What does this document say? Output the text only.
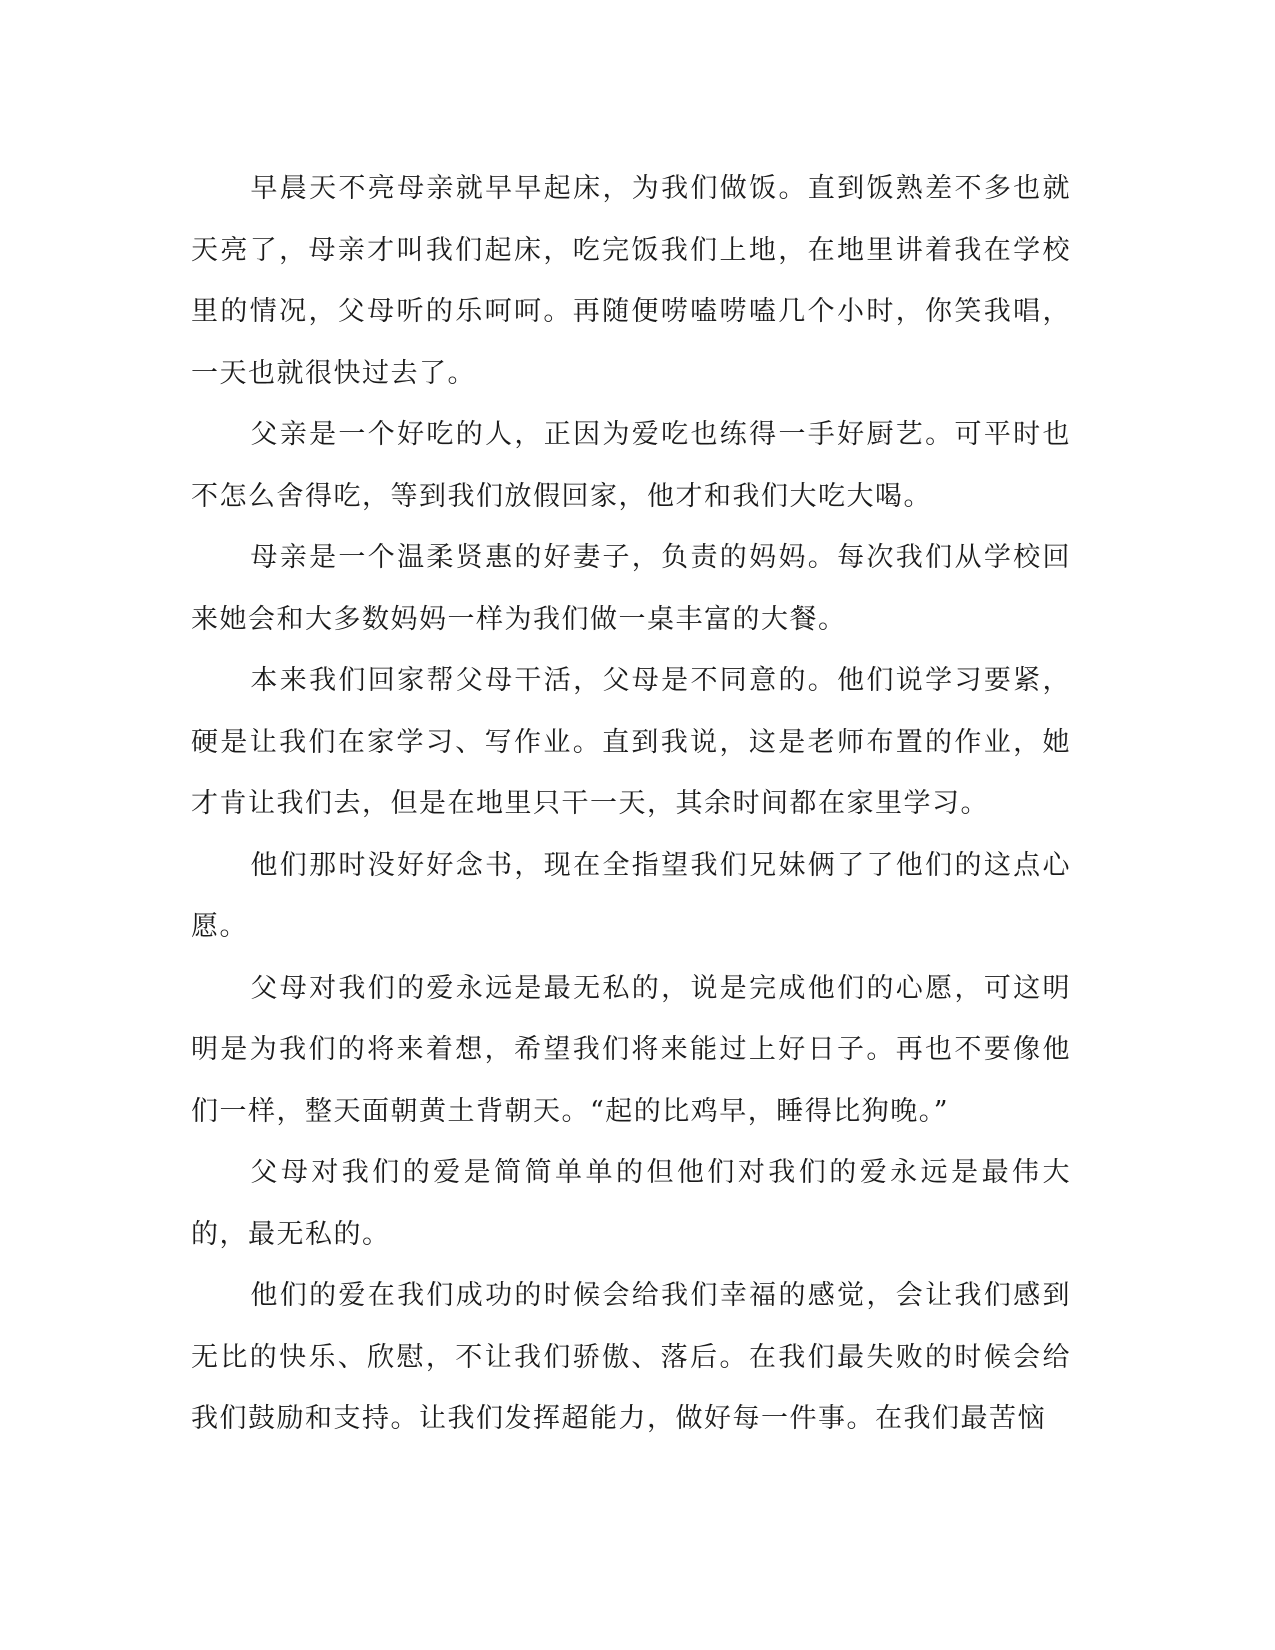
早晨天不亮母亲就早早起床，为我们做饭。直到饭熟差不多也就天亮了，母亲才叫我们起床，吃完饭我们上地，在地里讲着我在学校里的情况，父母听的乐呵呵。再随便唠嗑唠嗑几个小时，你笑我唱，一天也就很快过去了。

父亲是一个好吃的人，正因为爱吃也练得一手好厨艺。可平时也不怎么舍得吃，等到我们放假回家，他才和我们大吃大喝。

母亲是一个温柔贤惠的好妻子，负责的妈妈。每次我们从学校回来她会和大多数妈妈一样为我们做一桌丰富的大餐。

本来我们回家帮父母干活，父母是不同意的。他们说学习要紧，硬是让我们在家学习、写作业。直到我说，这是老师布置的作业，她才肯让我们去，但是在地里只干一天，其余时间都在家里学习。

他们那时没好好念书，现在全指望我们兄妹俩了了他们的这点心愿。

父母对我们的爱永远是最无私的，说是完成他们的心愿，可这明明是为我们的将来着想，希望我们将来能过上好日子。再也不要像他们一样，整天面朝黄土背朝天。“起的比鸡早，睡得比狗晚。”

父母对我们的爱是简简单单的但他们对我们的爱永远是最伟大的，最无私的。

他们的爱在我们成功的时候会给我们幸福的感觉，会让我们感到无比的快乐、欣慰，不让我们骄傲、落后。在我们最失败的时候会给我们鼓励和支持。让我们发挥超能力，做好每一件事。在我们最苦恼
